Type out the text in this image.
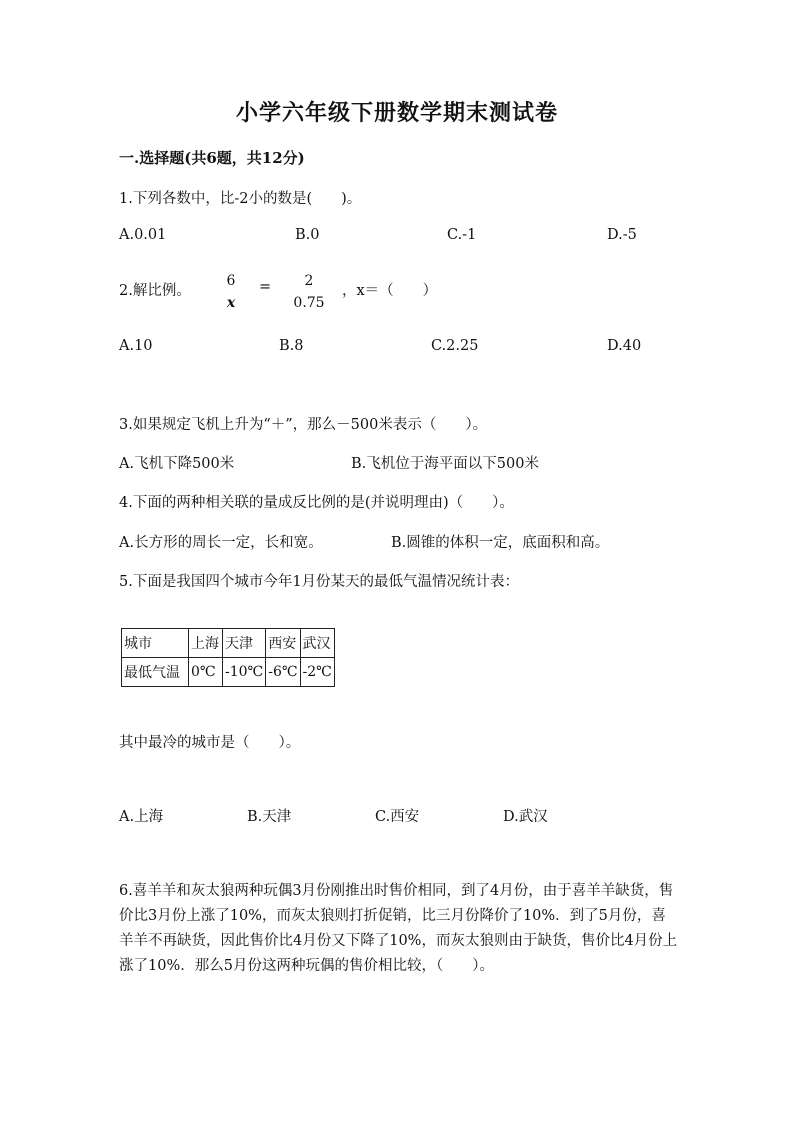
小学六年级下册数学期末测试卷
一.选择题(共6题，共12分)
1.下列各数中，比-2小的数是(　　)。
A.0.01	B.0	C.-1	D.-5
2.解比例。
6
x
=	2
0.75
，x＝（　　）
A.10	B.8	C.2.25	D.40
3.如果规定飞机上升为“＋”，那么－500米表示（　　）。
A.飞机下降500米	B.飞机位于海平面以下500米
4.下面的两种相关联的量成反比例的是(并说明理由)（　　）。
A.长方形的周长一定，长和宽。	B.圆锥的体积一定，底面积和高。
5.下面是我国四个城市今年1月份某天的最低气温情况统计表：
城市	上海	天津	西安	武汉
最低气温	0℃	-10℃	-6℃	-2℃
其中最冷的城市是（　　）。
A.上海	B.天津	C.西安	D.武汉
6.喜羊羊和灰太狼两种玩偶3月份刚推出时售价相同，到了4月份，由于喜羊羊缺货，售价比3月份上涨了10%，而灰太狼则打折促销，比三月份降价了10%．到了5月份，喜羊羊不再缺货，因此售价比4月份又下降了10%，而灰太狼则由于缺货，售价比4月份上涨了10%．那么5月份这两种玩偶的售价相比较，（　　）。
